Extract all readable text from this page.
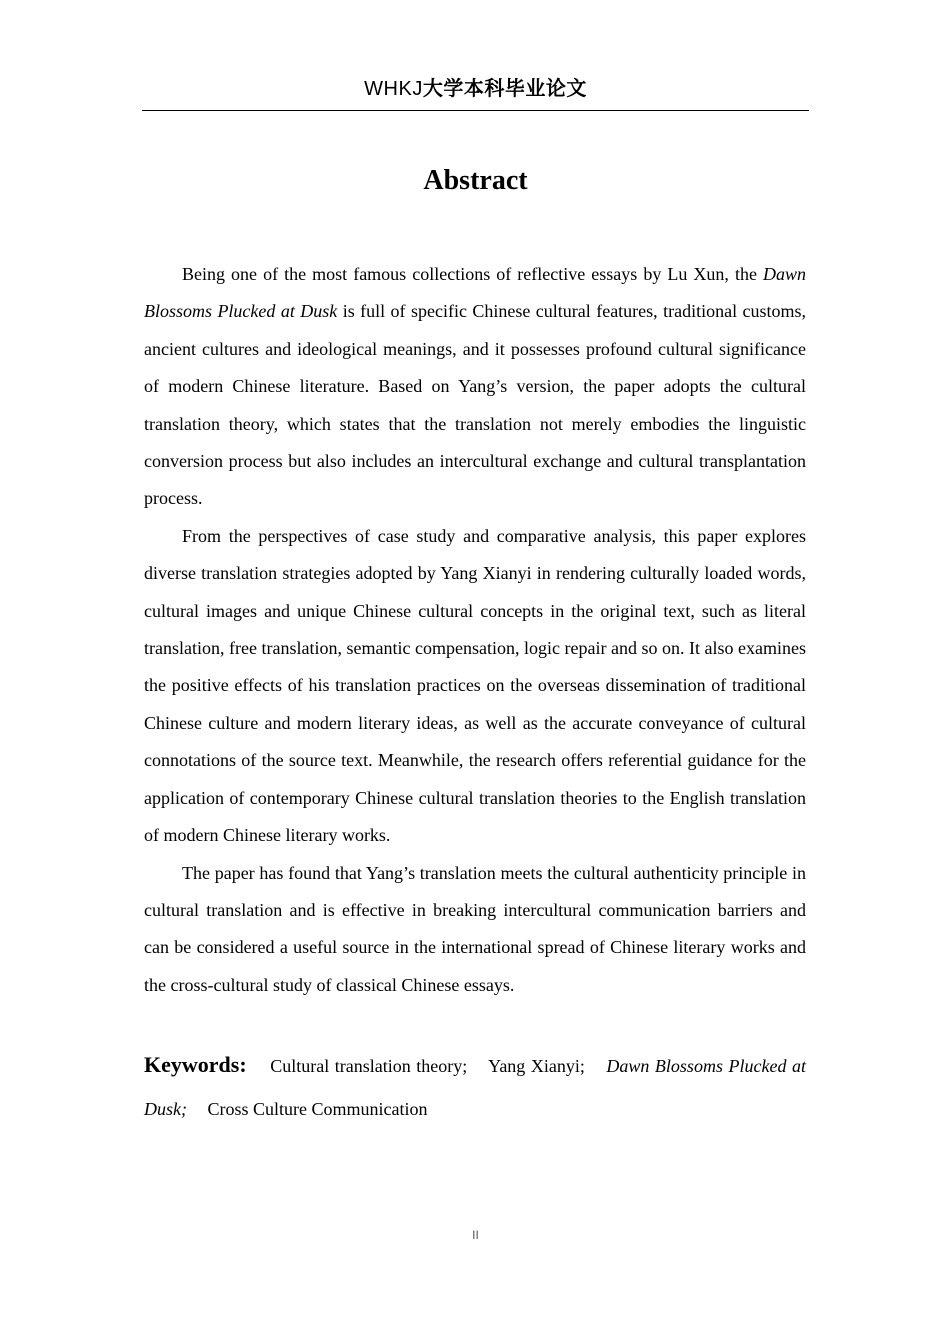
WHKJ大学本科毕业论文
Abstract

Being one of the most famous collections of reflective essays by Lu Xun, the Dawn Blossoms Plucked at Dusk is full of specific Chinese cultural features, traditional customs, ancient cultures and ideological meanings, and it possesses profound cultural significance of modern Chinese literature. Based on Yang’s version, the paper adopts the cultural translation theory, which states that the translation not merely embodies the linguistic conversion process but also includes an intercultural exchange and cultural transplantation process.

From the perspectives of case study and comparative analysis, this paper explores diverse translation strategies adopted by Yang Xianyi in rendering culturally loaded words, cultural images and unique Chinese cultural concepts in the original text, such as literal translation, free translation, semantic compensation, logic repair and so on. It also examines the positive effects of his translation practices on the overseas dissemination of traditional Chinese culture and modern literary ideas, as well as the accurate conveyance of cultural connotations of the source text. Meanwhile, the research offers referential guidance for the application of contemporary Chinese cultural translation theories to the English translation of modern Chinese literary works.

The paper has found that Yang’s translation meets the cultural authenticity principle in cultural translation and is effective in breaking intercultural communication barriers and can be considered a useful source in the international spread of Chinese literary works and the cross-cultural study of classical Chinese essays.

Keywords: Cultural translation theory; Yang Xianyi; Dawn Blossoms Plucked at Dusk; Cross Culture Communication
II
